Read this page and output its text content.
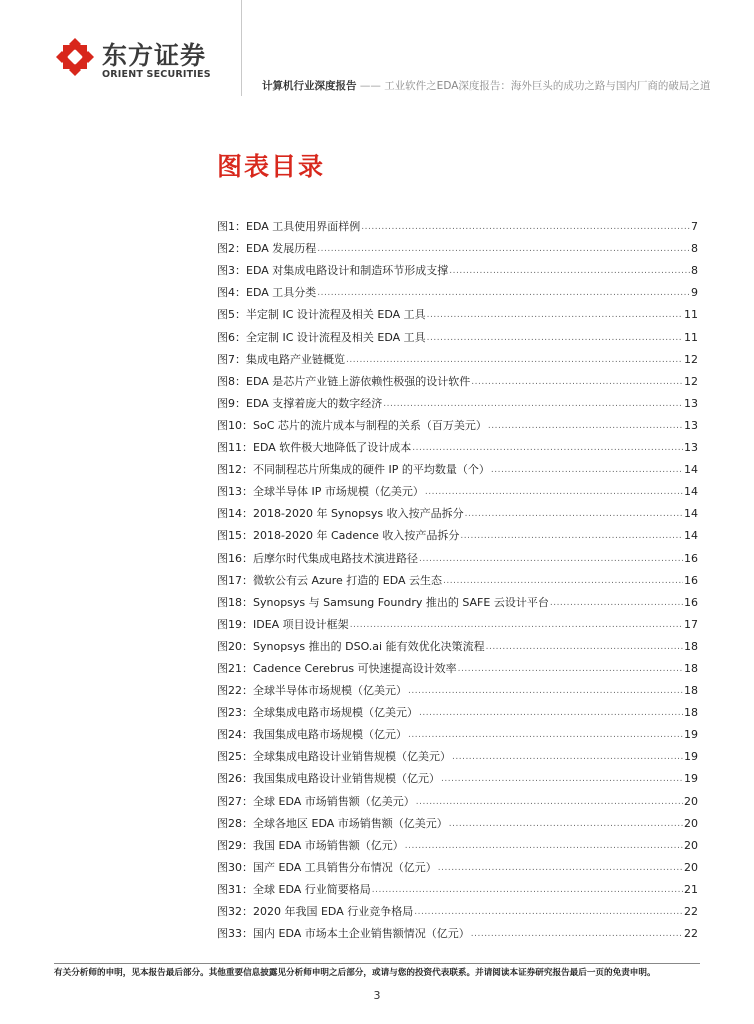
东方证券
ORIENT SECURITIES
计算机行业深度报告 —— 工业软件之EDA深度报告：海外巨头的成功之路与国内厂商的破局之道
图表目录
图1：EDA 工具使用界面样例 .....	7
图2：EDA 发展历程 .....	8
图3：EDA 对集成电路设计和制造环节形成支撑 .....	8
图4：EDA 工具分类 .....	9
图5：半定制 IC 设计流程及相关 EDA 工具 .....	11
图6：全定制 IC 设计流程及相关 EDA 工具 .....	11
图7：集成电路产业链概览 .....	12
图8：EDA 是芯片产业链上游依赖性极强的设计软件 .....	12
图9：EDA 支撑着庞大的数字经济 .....	13
图10：SoC 芯片的流片成本与制程的关系（百万美元） .....	13
图11：EDA 软件极大地降低了设计成本 .....	13
图12：不同制程芯片所集成的硬件 IP 的平均数量（个） .....	14
图13：全球半导体 IP 市场规模（亿美元） .....	14
图14：2018-2020 年 Synopsys 收入按产品拆分 .....	14
图15：2018-2020 年 Cadence 收入按产品拆分 .....	14
图16：后摩尔时代集成电路技术演进路径 .....	16
图17：微软公有云 Azure 打造的 EDA 云生态 .....	16
图18：Synopsys 与 Samsung Foundry 推出的 SAFE 云设计平台 .....	16
图19：IDEA 项目设计框架 .....	17
图20：Synopsys 推出的 DSO.ai 能有效优化决策流程 .....	18
图21：Cadence Cerebrus 可快速提高设计效率 .....	18
图22：全球半导体市场规模（亿美元） .....	18
图23：全球集成电路市场规模（亿美元） .....	18
图24：我国集成电路市场规模（亿元） .....	19
图25：全球集成电路设计业销售规模（亿美元） .....	19
图26：我国集成电路设计业销售规模（亿元） .....	19
图27：全球 EDA 市场销售额（亿美元） .....	20
图28：全球各地区 EDA 市场销售额（亿美元） .....	20
图29：我国 EDA 市场销售额（亿元） .....	20
图30：国产 EDA 工具销售分布情况（亿元） .....	20
图31：全球 EDA 行业简要格局 .....	21
图32：2020 年我国 EDA 行业竞争格局 .....	22
图33：国内 EDA 市场本土企业销售额情况（亿元） .....	22
有关分析师的申明，见本报告最后部分。其他重要信息披露见分析师申明之后部分，或请与您的投资代表联系。并请阅读本证券研究报告最后一页的免责申明。
3
